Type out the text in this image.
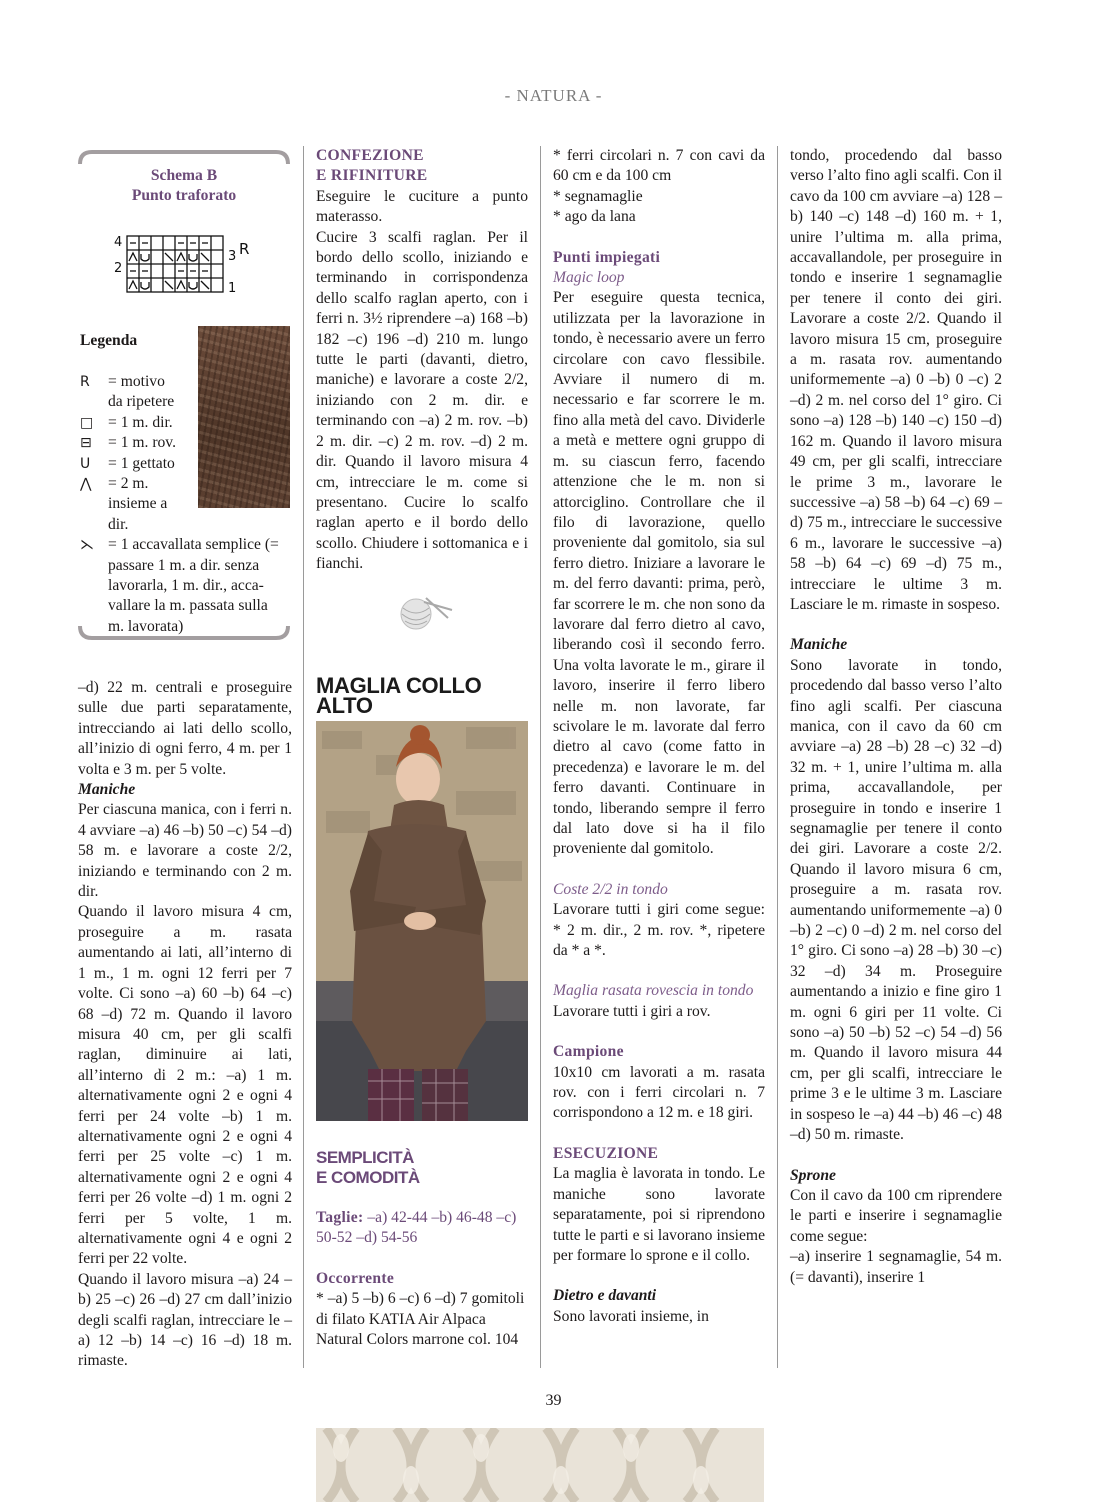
- NATURA -
Schema B
Punto traforato
4
2
3
1
R
Legenda
R	= motivo
da ripetere
□ = 1 m. dir.
⊟	= 1 m. rov.
U	= 1 gettato
⋀	= 2 m.
insieme a
dir.
⋋ = 1 accavallata semplice (=
passare 1 m. a dir. senza
lavorarla, 1 m. dir., acca-
vallare la m. passata sulla
m. lavorata)

–d) 22 m. centrali e proseguire sulle due parti separatamente, intrecciando ai lati dello scollo, all’inizio di ogni ferro, 4 m. per 1 volta e 3 m. per 5 volte.

Maniche

Per ciascuna manica, con i ferri n. 4 avviare –a) 46 –b) 50 –c) 54 –d) 58 m. e lavorare a coste 2/2, iniziando e terminando con 2 m. dir.

Quando il lavoro misura 4 cm, proseguire a m. rasata aumentando ai lati, all’interno di 1 m., 1 m. ogni 12 ferri per 7 volte. Ci sono –a) 60 –b) 64 –c) 68 –d) 72 m. Quando il lavoro misura 40 cm, per gli scalfi raglan, diminuire ai lati, all’interno di 2 m.: –a) 1 m. alternativamente ogni 2 e ogni 4 ferri per 24 volte –b) 1 m. alternativamente ogni 2 e ogni 4 ferri per 25 volte –c) 1 m. alternativamente ogni 2 e ogni 4 ferri per 26 volte –d) 1 m. ogni 2 ferri per 5 volte, 1 m. alternativamente ogni 4 e ogni 2 ferri per 22 volte.

Quando il lavoro misura –a) 24 –b) 25 –c) 26 –d) 27 cm dall’inizio degli scalfi raglan, intrecciare le –a) 12 –b) 14 –c) 16 –d) 18 m. rimaste.

CONFEZIONE

E RIFINITURE

Eseguire le cuciture a punto materasso.

Cucire 3 scalfi raglan. Per il bordo dello scollo, iniziando e terminando in corrispondenza dello scalfo raglan aperto, con i ferri n. 3½ riprendere –a) 168 –b) 182 –c) 196 –d) 210 m. lungo tutte le parti (davanti, dietro, maniche) e lavorare a coste 2/2, iniziando con 2 m. dir. e terminando con –a) 2 m. rov. –b) 2 m. dir. –c) 2 m. rov. –d) 2 m. dir. Quando il lavoro misura 4 cm, intrecciare le m. come si presentano. Cucire lo scalfo raglan aperto e il bordo dello scollo. Chiudere i sottomanica e i fianchi.

MAGLIA COLLO ALTO

SEMPLICITÀ

E COMODITÀ

Taglie: –a) 42-44 –b) 46-48 –c) 50-52 –d) 54-56

Occorrente

* –a) 5 –b) 6 –c) 6 –d) 7 gomitoli di filato KATIA Air Alpaca Natural Colors marrone col. 104

* ferri circolari n. 7 con cavi da 60 cm e da 100 cm

* segnamaglie

* ago da lana

Punti impiegati

Magic loop

Per eseguire questa tecnica, utilizzata per la lavorazione in tondo, è necessario avere un ferro circolare con cavo flessibile. Avviare il numero di m. necessario e far scorrere le m. fino alla metà del cavo. Dividerle a metà e mettere ogni gruppo di m. su ciascun ferro, facendo attenzione che le m. non si attorciglino. Controllare che il filo di lavorazione, quello proveniente dal gomitolo, sia sul ferro dietro. Iniziare a lavorare le m. del ferro davanti: prima, però, far scorrere le m. che non sono da lavorare dal ferro dietro al cavo, liberando così il secondo ferro. Una volta lavorate le m., girare il lavoro, inserire il ferro libero nelle m. non lavorate, far scivolare le m. lavorate dal ferro dietro al cavo (come fatto in precedenza) e lavorare le m. del ferro davanti. Continuare in tondo, liberando sempre il ferro dal lato dove si ha il filo proveniente dal gomitolo.

Coste 2/2 in tondo

Lavorare tutti i giri come segue: * 2 m. dir., 2 m. rov. *, ripetere da * a *.

Maglia rasata rovescia in tondo

Lavorare tutti i giri a rov.

Campione

10x10 cm lavorati a m. rasata rov. con i ferri circolari n. 7 corrispondono a 12 m. e 18 giri.

ESECUZIONE

La maglia è lavorata in tondo. Le maniche sono lavorate separatamente, poi si riprendono tutte le parti e si lavorano insieme per formare lo sprone e il collo.

Dietro e davanti

Sono lavorati insieme, in

tondo, procedendo dal basso verso l’alto fino agli scalfi. Con il cavo da 100 cm avviare –a) 128 –b) 140 –c) 148 –d) 160 m. + 1, unire l’ultima m. alla prima, accavallandole, per proseguire in tondo e inserire 1 segnamaglie per tenere il conto dei giri. Lavorare a coste 2/2. Quando il lavoro misura 15 cm, proseguire a m. rasata rov. aumentando uniformemente –a) 0 –b) 0 –c) 2 –d) 2 m. nel corso del 1° giro. Ci sono –a) 128 –b) 140 –c) 150 –d) 162 m. Quando il lavoro misura 49 cm, per gli scalfi, intrecciare le prime 3 m., lavorare le successive –a) 58 –b) 64 –c) 69 –d) 75 m., intrecciare le successive 6 m., lavorare le successive –a) 58 –b) 64 –c) 69 –d) 75 m., intrecciare le ultime 3 m. Lasciare le m. rimaste in sospeso.

Maniche

Sono lavorate in tondo, procedendo dal basso verso l’alto fino agli scalfi. Per ciascuna manica, con il cavo da 60 cm avviare –a) 28 –b) 28 –c) 32 –d) 32 m. + 1, unire l’ultima m. alla prima, accavallandole, per proseguire in tondo e inserire 1 segnamaglie per tenere il conto dei giri. Lavorare a coste 2/2. Quando il lavoro misura 6 cm, proseguire a m. rasata rov. aumentando uniformemente –a) 0 –b) 2 –c) 0 –d) 2 m. nel corso del 1° giro. Ci sono –a) 28 –b) 30 –c) 32 –d) 34 m. Proseguire aumentando a inizio e fine giro 1 m. ogni 6 giri per 11 volte. Ci sono –a) 50 –b) 52 –c) 54 –d) 56 m. Quando il lavoro misura 44 cm, per gli scalfi, intrecciare le prime 3 e le ultime 3 m. Lasciare in sospeso le –a) 44 –b) 46 –c) 48 –d) 50 m. rimaste.

Sprone

Con il cavo da 100 cm riprendere le parti e inserire i segnamaglie come segue:

–a) inserire 1 segnamaglie, 54 m. (= davanti), inserire 1

39
